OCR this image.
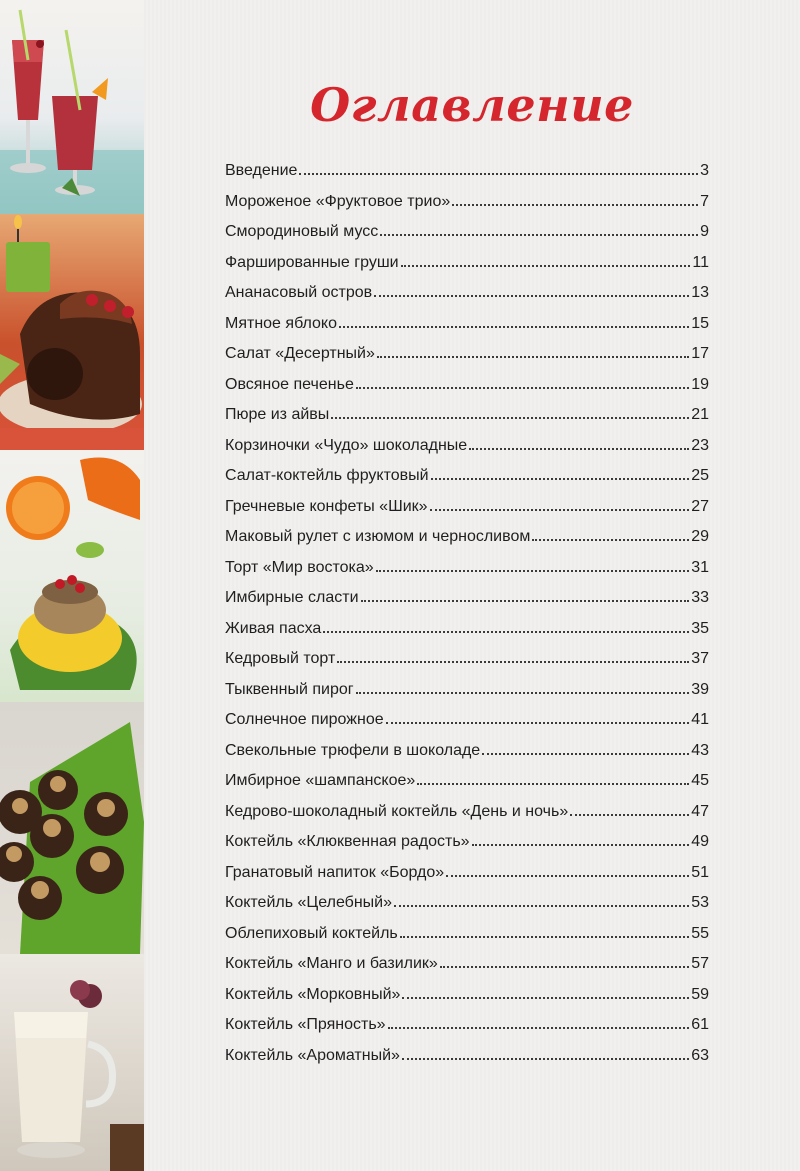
Оглавление
Введение	3
Мороженое «Фруктовое трио»	7
Смородиновый мусс	9
Фаршированные груши	11
Ананасовый остров	13
Мятное яблоко	15
Салат «Десертный»	17
Овсяное печенье	19
Пюре из айвы	21
Корзиночки «Чудо» шоколадные	23
Салат-коктейль фруктовый	25
Гречневые конфеты «Шик»	27
Маковый рулет с изюмом и черносливом	29
Торт «Мир востока»	31
Имбирные сласти	33
Живая пасха	35
Кедровый торт	37
Тыквенный пирог	39
Солнечное пирожное	41
Свекольные трюфели в шоколаде	43
Имбирное «шампанское»	45
Кедрово-шоколадный коктейль «День и ночь»	47
Коктейль «Клюквенная радость»	49
Гранатовый напиток «Бордо»	51
Коктейль «Целебный»	53
Облепиховый коктейль	55
Коктейль «Манго и базилик»	57
Коктейль «Морковный»	59
Коктейль «Пряность»	61
Коктейль «Ароматный»	63
